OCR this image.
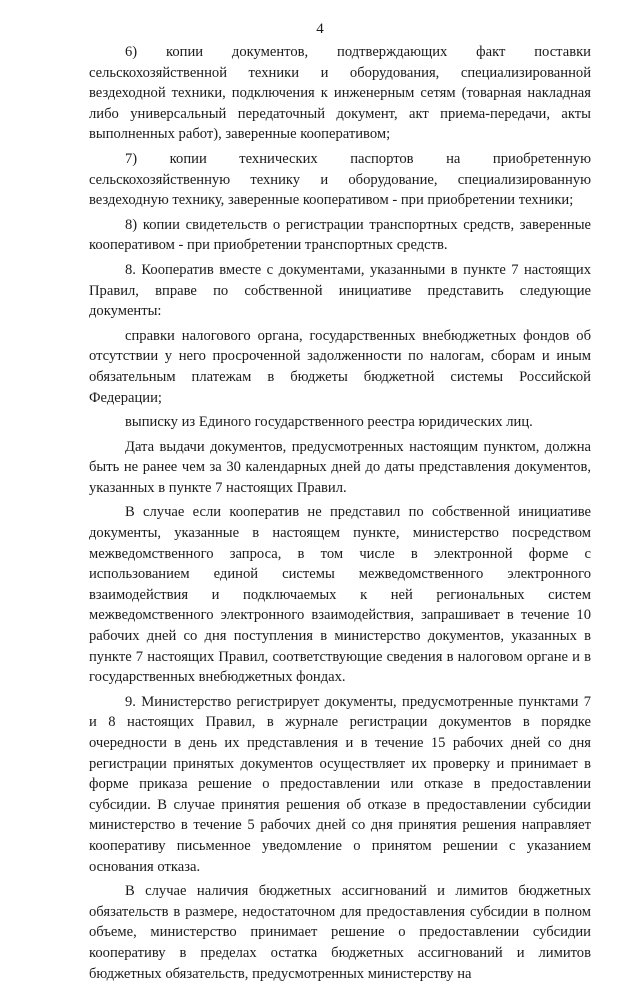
4

6) копии документов, подтверждающих факт поставки сельскохозяйственной техники и оборудования, специализированной вездеходной техники, подключения к инженерным сетям (товарная накладная либо универсальный передаточный документ, акт приема-передачи, акты выполненных работ), заверенные кооперативом;

7) копии технических паспортов на приобретенную сельскохозяйственную технику и оборудование, специализированную вездеходную технику, заверенные кооперативом - при приобретении техники;

8) копии свидетельств о регистрации транспортных средств, заверенные кооперативом - при приобретении транспортных средств.

8. Кооператив вместе с документами, указанными в пункте 7 настоящих Правил, вправе по собственной инициативе представить следующие документы:

справки налогового органа, государственных внебюджетных фондов об отсутствии у него просроченной задолженности по налогам, сборам и иным обязательным платежам в бюджеты бюджетной системы Российской Федерации;

выписку из Единого государственного реестра юридических лиц.

Дата выдачи документов, предусмотренных настоящим пунктом, должна быть не ранее чем за 30 календарных дней до даты представления документов, указанных в пункте 7 настоящих Правил.

В случае если кооператив не представил по собственной инициативе документы, указанные в настоящем пункте, министерство посредством межведомственного запроса, в том числе в электронной форме с использованием единой системы межведомственного электронного взаимодействия и подключаемых к ней региональных систем межведомственного электронного взаимодействия, запрашивает в течение 10 рабочих дней со дня поступления в министерство документов, указанных в пункте 7 настоящих Правил, соответствующие сведения в налоговом органе и в государственных внебюджетных фондах.

9. Министерство регистрирует документы, предусмотренные пунктами 7 и 8 настоящих Правил, в журнале регистрации документов в порядке очередности в день их представления и в течение 15 рабочих дней со дня регистрации принятых документов осуществляет их проверку и принимает в форме приказа решение о предоставлении или отказе в предоставлении субсидии. В случае принятия решения об отказе в предоставлении субсидии министерство в течение 5 рабочих дней со дня принятия решения направляет кооперативу письменное уведомление о принятом решении с указанием основания отказа.

В случае наличия бюджетных ассигнований и лимитов бюджетных обязательств в размере, недостаточном для предоставления субсидии в полном объеме, министерство принимает решение о предоставлении субсидии кооперативу в пределах остатка бюджетных ассигнований и лимитов бюджетных обязательств, предусмотренных министерству на
